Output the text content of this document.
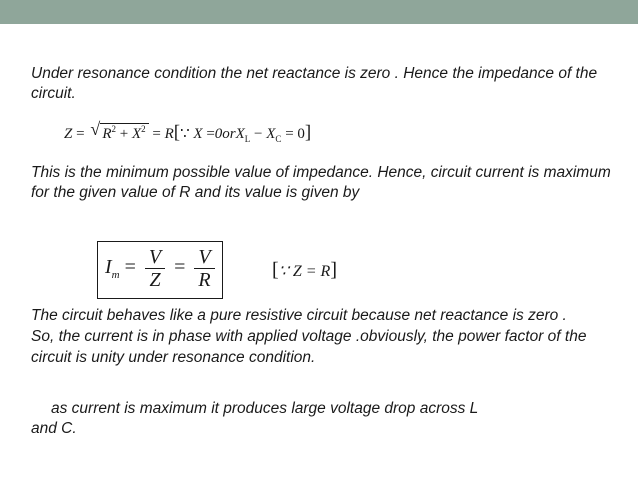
Under resonance condition the net reactance is zero . Hence the impedance of the circuit.

Z = √ $R^2 + X^2$ = R[∵ $X =0orX_L - X_C = 0$]

This is the minimum possible value of impedance. Hence, circuit current is maximum for the given value of R and its value is given by

$I_m = \frac{V}{Z} = \frac{V}{R}$	[∵ Z = R]

The circuit behaves like a pure resistive circuit because net reactance is zero . So, the current is in phase with applied voltage .obviously, the power factor of the circuit is unity under resonance condition.

as current is maximum it produces large voltage drop across L
and C.
